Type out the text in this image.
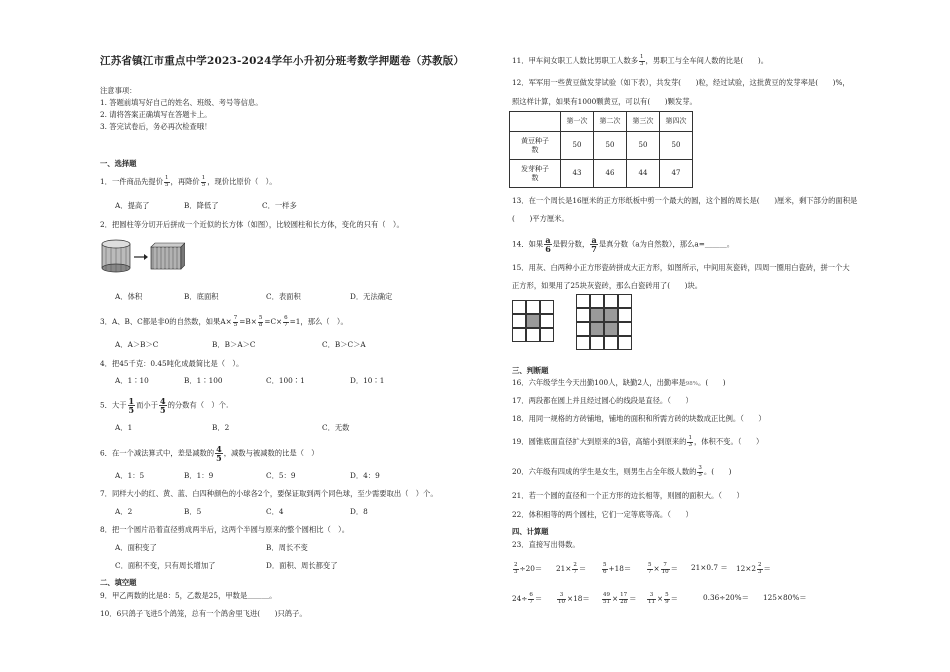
江苏省镇江市重点中学2023-2024学年小升初分班考数学押题卷（苏教版）
注意事项：
1. 答题前填写好自己的姓名、班级、考号等信息。
2. 请将答案正确填写在答题卡上。
3. 答完试卷后，务必再次检查哦！
一、选择题
1．一件商品先提价 $\frac{1}{5}$ ，再降价 $\frac{1}{5}$ ，现价比原价（　）。
A．提高了	B．降低了	C．一样多
2．把圆柱等分切开后拼成一个近似的长方体（如图），比较圆柱和长方体，变化的只有（　）。
A．体积	B．底面积	C．表面积	D．无法确定
3．A、B、C都是非0的自然数，如果$A\times \frac{7}{5} =B\times \frac{5}{8} =C\times \frac{6}{7} =1$，那么（　）。
A．A＞B＞C	B．B＞A＞C	C．B＞C＞A
4．把45千克：0.45吨化成最简比是（　）。
A．1∶10	B．1∶100	C．100∶1	D．10∶1
5．大于 $\frac{1}{5}$ 而小于 $\frac{4}{5}$ 的分数有（　）个.
A．1	B．2	C．无数
6．在一个减法算式中，差是减数的 $\frac{4}{5}$ ，减数与被减数的比是（　）
A．1：5	B．1：9	C．5：9	D．4：9
7．同样大小的红、黄、蓝、白四种颜色的小球各2个，要保证取到两个同色球，至少需要取出（　）个。
A．2	B．5	C．4	D．8
8．把一个圆片沿着直径剪成两半后，这两个半圆与原来的整个圆相比（　）。
A．面积变了	B．周长不变
C．面积不变，只有周长增加了	D．面积、周长都变了
二、填空题
9．甲乙两数的比是8：5，乙数是25，甲数是＿＿＿。
10．6只鸽子飞进5个鸽笼，总有一个鸽舍里飞进(　　)只鸽子。
11．甲车间女职工人数比男职工人数多 $\frac{1}{3}$ ，男职工与全车间人数的比是(　　)。
12．军军用一些黄豆做发芽试验（如下表），共发芽(　　)粒，经过试验，这批黄豆的发芽率是(　　)%，
照这样计算，如果有1000颗黄豆，可以有(　　)颗发芽。
	第一次	第二次	第三次	第四次
黄豆种子
数	50	50	50	50
发芽种子
数	43	46	44	47
13．在一个周长是16厘米的正方形纸板中剪一个最大的圆，这个圆的周长是(　　)厘米，剩下部分的面积是
(　　)平方厘米。
14．如果 $\frac{a}{6}$ 是假分数， $\frac{a}{7}$ 是真分数（a为自然数），那么a=＿＿＿。
15．用灰、白两种小正方形瓷砖拼成大正方形，如图所示，中间用灰瓷砖，四周一圈用白瓷砖，拼一个大
正方形，如果用了25块灰瓷砖，那么白瓷砖用了(　　)块。
三、判断题
16．六年级学生今天出勤100人，缺勤2人，出勤率是98%。(　　)
17．两段都在圆上并且经过圆心的线段是直径。（　　）
18．用同一规格的方砖铺地，铺地的面积和所需方砖的块数成正比例。（　　）
19．圆锥底面直径扩大到原来的3倍，高缩小到原来的 $\frac{1}{3}$ ，体积不变。（　　）
20．六年级有四成的学生是女生，则男生占全年级人数的 $\frac{3}{5}$ 。(　　)
21．若一个圆的直径和一个正方形的边长相等，则圆的面积大。（　　）
22．体积相等的两个圆柱，它们一定等底等高。（　　）
四、计算题
23．直接写出得数。
$\frac{2}{3} \div 20= 21\times \frac{2}{7}$ ＝	$\frac{5}{6} +18=$	$\frac{5}{7} \times \frac{7}{10} = 21\times 0.7 = 12\times 2 \frac{2}{3}$ ＝
$24\div \frac{6}{7}$ ＝	$\frac{3}{10} \times 18= \frac{49}{51} \times \frac{17}{28} = \frac{3}{11} \times \frac{5}{9}$ ＝	0.36÷20%＝ 125×80%＝
